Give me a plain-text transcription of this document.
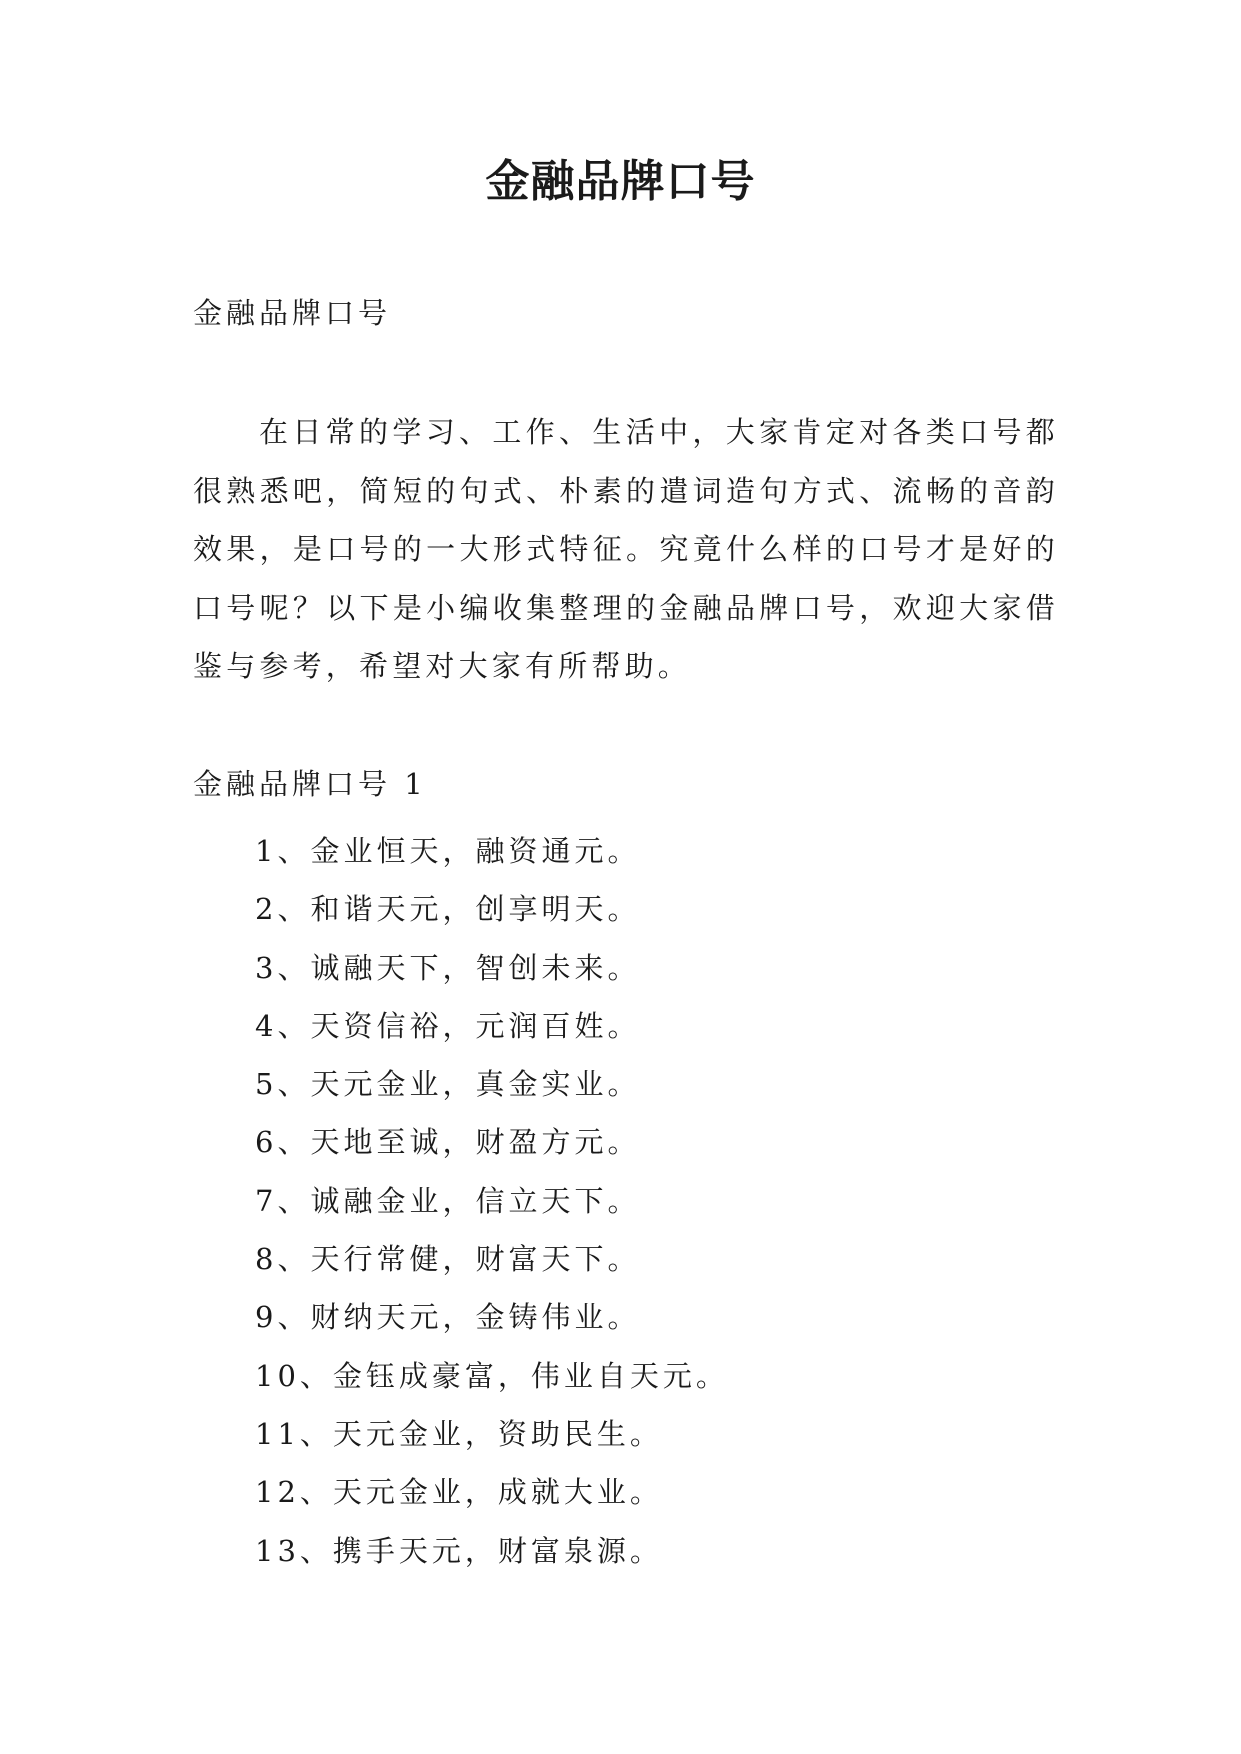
金融品牌口号
金融品牌口号

在日常的学习、工作、生活中，大家肯定对各类口号都很熟悉吧，简短的句式、朴素的遣词造句方式、流畅的音韵效果，是口号的一大形式特征。究竟什么样的口号才是好的口号呢？以下是小编收集整理的金融品牌口号，欢迎大家借鉴与参考，希望对大家有所帮助。

金融品牌口号 1
1、金业恒天，融资通元。
2、和谐天元，创享明天。
3、诚融天下，智创未来。
4、天资信裕，元润百姓。
5、天元金业，真金实业。
6、天地至诚，财盈方元。
7、诚融金业，信立天下。
8、天行常健，财富天下。
9、财纳天元，金铸伟业。
10、金钰成豪富，伟业自天元。
11、天元金业，资助民生。
12、天元金业，成就大业。
13、携手天元，财富泉源。
